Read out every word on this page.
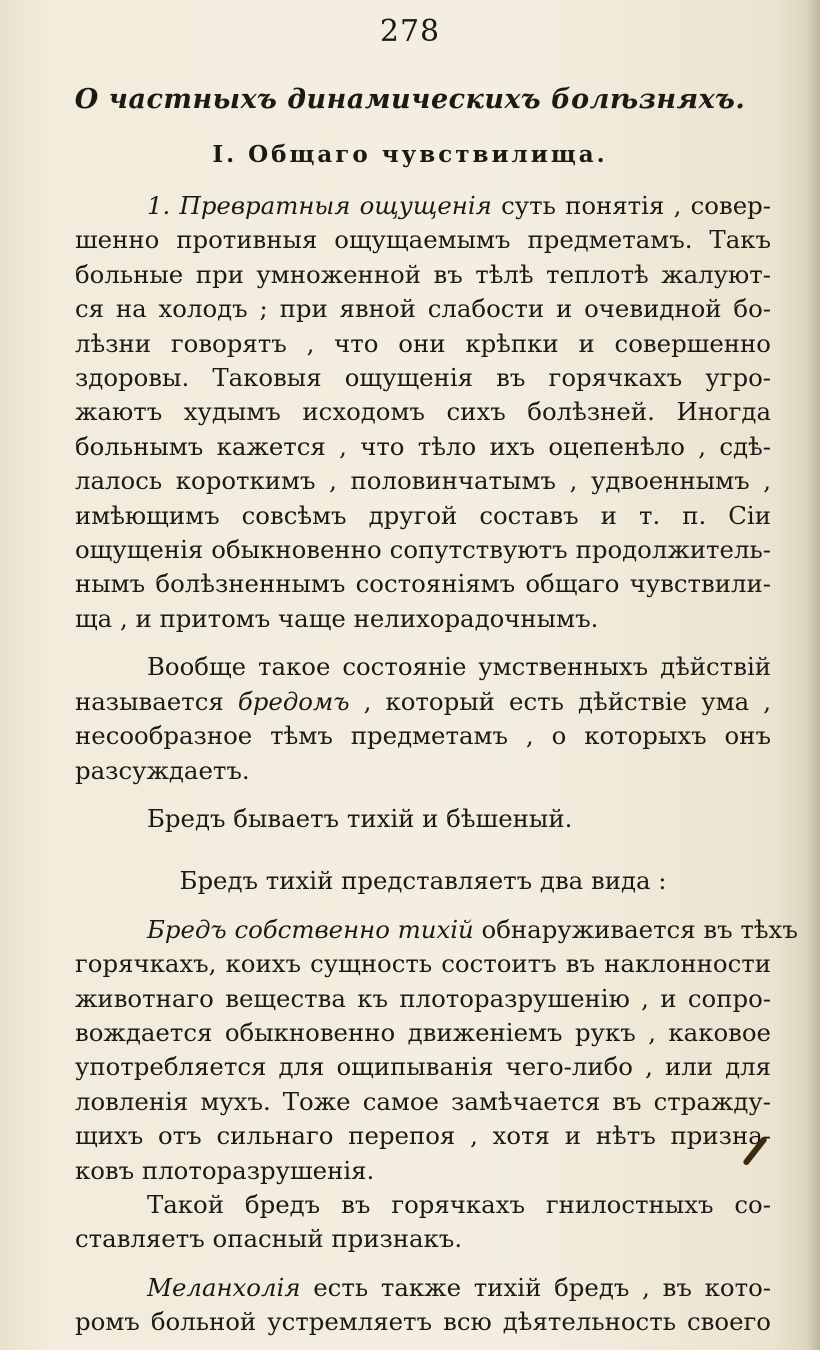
278
О частныхъ динамическихъ болѣзняхъ.
I. Общаго чувствилища.
1. Превратныя ощущенія суть понятія , совер-
шенно противныя ощущаемымъ предметамъ. Такъ
больные при умноженной въ тѣлѣ теплотѣ жалуют-
ся на холодъ ; при явной слабости и очевидной бо-
лѣзни говорятъ , что они крѣпки и совершенно
здоровы. Таковыя ощущенія въ горячкахъ угро-
жаютъ худымъ исходомъ сихъ болѣзней. Иногда
больнымъ кажется , что тѣло ихъ оцепенѣло , сдѣ-
лалось короткимъ , половинчатымъ , удвоеннымъ ,
имѣющимъ совсѣмъ другой составъ и т. п. Сіи
ощущенія обыкновенно сопутствуютъ продолжитель-
нымъ болѣзненнымъ состояніямъ общаго чувствили-
ща , и притомъ чаще нелихорадочнымъ.
Вообще такое состояніе умственныхъ дѣйствій
называется бредомъ , который есть дѣйствіе ума ,
несообразное тѣмъ предметамъ , о которыхъ онъ
разсуждаетъ.
Бредъ бываетъ тихій и бѣшеный.
Бредъ тихій представляетъ два вида :
Бредъ собственно тихій обнаруживается въ тѣхъ
горячкахъ, коихъ сущность состоитъ въ наклонности
животнаго вещества къ плоторазрушенію , и сопро-
вождается обыкновенно движеніемъ рукъ , каковое
употребляется для ощипыванія чего-либо , или для
ловленія мухъ. Тоже самое замѣчается въ стражду-
щихъ отъ сильнаго перепоя , хотя и нѣтъ призна-
ковъ плоторазрушенія.
Такой бредъ въ горячкахъ гнилостныхъ со-
ставляетъ опасный признакъ.
Меланхолія есть также тихій бредъ , въ кото-
ромъ больной устремляетъ всю дѣятельность своего
